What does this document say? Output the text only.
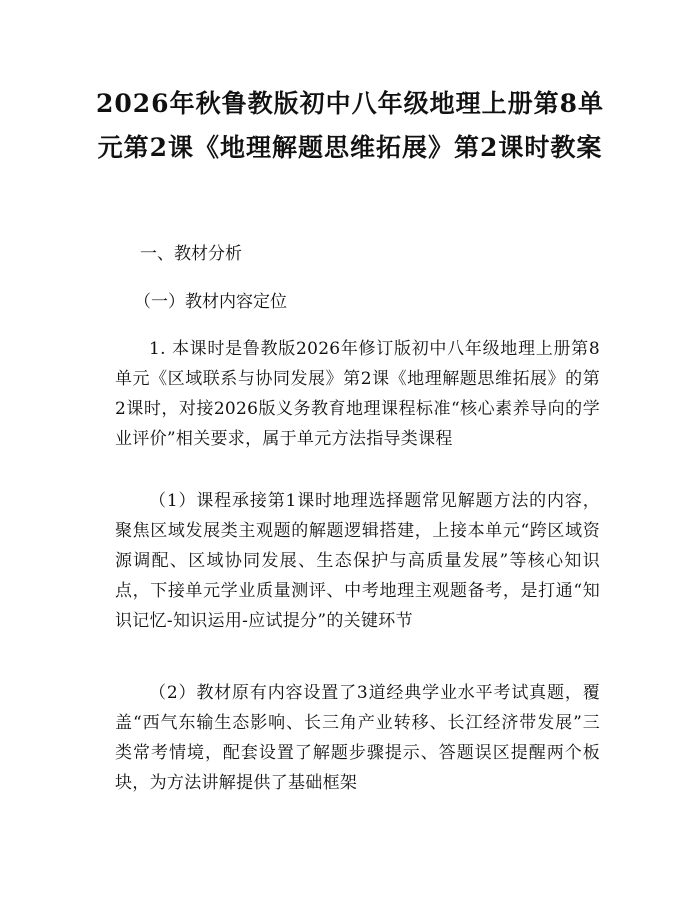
2026年秋鲁教版初中八年级地理上册第8单元第2课《地理解题思维拓展》第2课时教案

一、教材分析

（一）教材内容定位

1. 本课时是鲁教版2026年修订版初中八年级地理上册第8单元《区域联系与协同发展》第2课《地理解题思维拓展》的第2课时，对接2026版义务教育地理课程标准“核心素养导向的学业评价”相关要求，属于单元方法指导类课程

（1）课程承接第1课时地理选择题常见解题方法的内容，聚焦区域发展类主观题的解题逻辑搭建，上接本单元“跨区域资源调配、区域协同发展、生态保护与高质量发展”等核心知识点，下接单元学业质量测评、中考地理主观题备考，是打通“知识记忆-知识运用-应试提分”的关键环节

（2）教材原有内容设置了3道经典学业水平考试真题，覆盖“西气东输生态影响、长三角产业转移、长江经济带发展”三类常考情境，配套设置了解题步骤提示、答题误区提醒两个板块，为方法讲解提供了基础框架
